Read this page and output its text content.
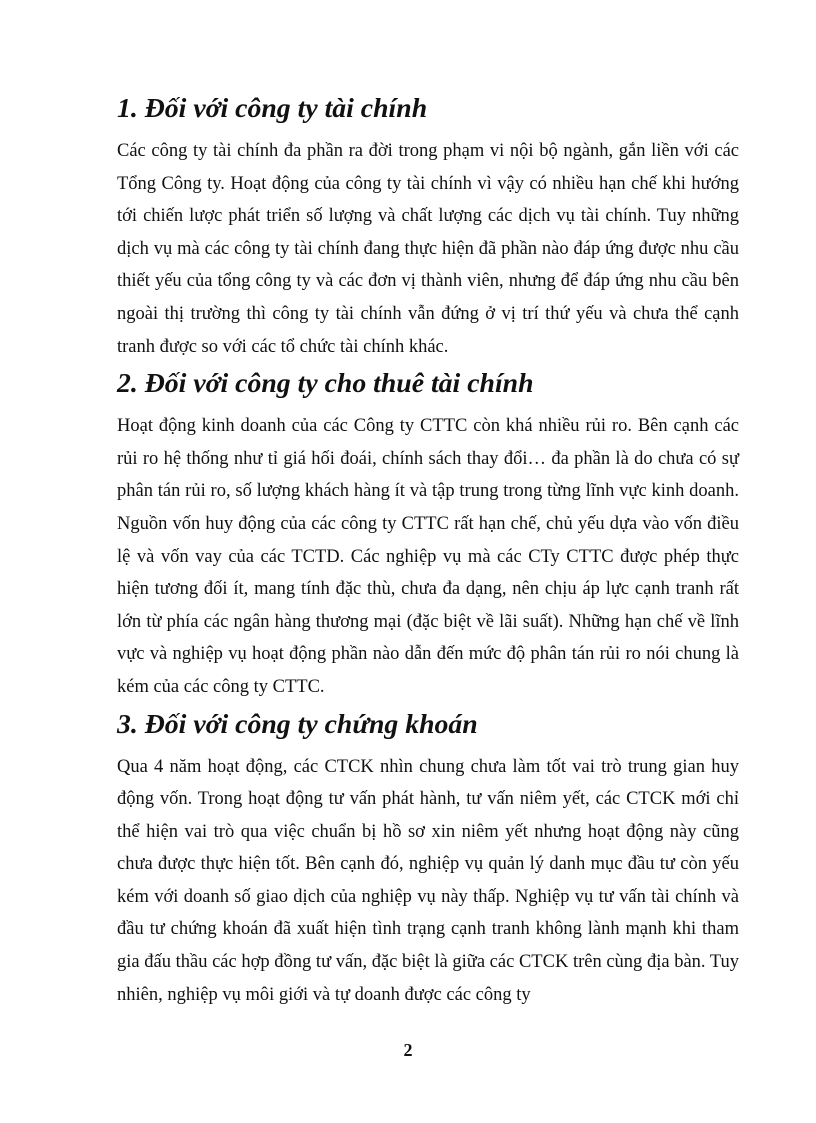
1. Đối với công ty tài chính

Các công ty tài chính đa phần ra đời trong phạm vi nội bộ ngành, gắn liền với các Tổng Công ty. Hoạt động của công ty tài chính vì vậy có nhiều hạn chế khi hướng tới chiến lược phát triển số lượng và chất lượng các dịch vụ tài chính. Tuy những dịch vụ mà các công ty tài chính đang thực hiện đã phần nào đáp ứng được nhu cầu thiết yếu của tổng công ty và các đơn vị thành viên, nhưng để đáp ứng nhu cầu bên ngoài thị trường thì công ty tài chính vẫn đứng ở vị trí thứ yếu và chưa thể cạnh tranh được so với các tổ chức tài chính khác.

2. Đối với công ty cho thuê tài chính

Hoạt động kinh doanh của các Công ty CTTC còn khá nhiều rủi ro. Bên cạnh các rủi ro hệ thống như tỉ giá hối đoái, chính sách thay đổi… đa phần là do chưa có sự phân tán rủi ro, số lượng khách hàng ít và tập trung trong từng lĩnh vực kinh doanh. Nguồn vốn huy động của các công ty CTTC rất hạn chế, chủ yếu dựa vào vốn điều lệ và vốn vay của các TCTD. Các nghiệp vụ mà các CTy CTTC được phép thực hiện tương đối ít, mang tính đặc thù, chưa đa dạng, nên chịu áp lực cạnh tranh rất lớn từ phía các ngân hàng thương mại (đặc biệt về lãi suất). Những hạn chế về lĩnh vực và nghiệp vụ hoạt động phần nào dẫn đến mức độ phân tán rủi ro nói chung là kém của các công ty CTTC.

3. Đối với công ty chứng khoán

Qua 4 năm hoạt động, các CTCK nhìn chung chưa làm tốt vai trò trung gian huy động vốn. Trong hoạt động tư vấn phát hành, tư vấn niêm yết, các CTCK mới chỉ thể hiện vai trò qua việc chuẩn bị hồ sơ xin niêm yết nhưng hoạt động này cũng chưa được thực hiện tốt. Bên cạnh đó, nghiệp vụ quản lý danh mục đầu tư còn yếu kém với doanh số giao dịch của nghiệp vụ này thấp. Nghiệp vụ tư vấn tài chính và đầu tư chứng khoán đã xuất hiện tình trạng cạnh tranh không lành mạnh khi tham gia đấu thầu các hợp đồng tư vấn, đặc biệt là giữa các CTCK trên cùng địa bàn. Tuy nhiên, nghiệp vụ môi giới và tự doanh được các công ty

2
